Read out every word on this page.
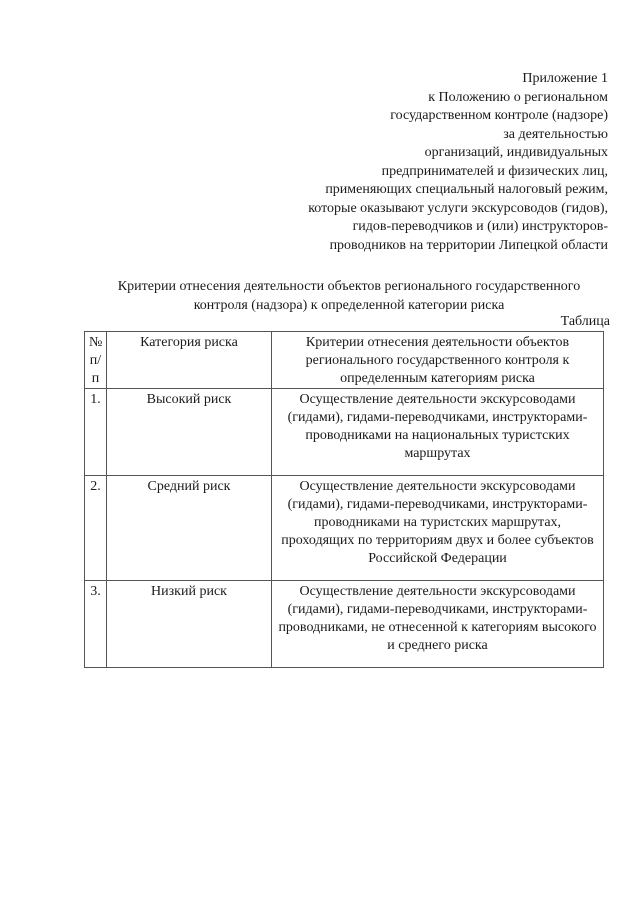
Приложение 1
к Положению о региональном
государственном контроле (надзоре)
за деятельностью
организаций, индивидуальных
предпринимателей и физических лиц,
применяющих специальный налоговый режим,
которые оказывают услуги экскурсоводов (гидов),
гидов-переводчиков и (или) инструкторов-
проводников на территории Липецкой области
Критерии отнесения деятельности объектов регионального государственного
контроля (надзора) к определенной категории риска
Таблица
№ п/п	Категория риска	Критерии отнесения деятельности объектов регионального государственного контроля к определенным категориям риска
1.	Высокий риск	Осуществление деятельности экскурсоводами (гидами), гидами-переводчиками, инструкторами-проводниками на национальных туристских маршрутах
2.	Средний риск	Осуществление деятельности экскурсоводами (гидами), гидами-переводчиками, инструкторами-проводниками на туристских маршрутах, проходящих по территориям двух и более субъектов Российской Федерации
3.	Низкий риск	Осуществление деятельности экскурсоводами (гидами), гидами-переводчиками, инструкторами-проводниками, не отнесенной к категориям высокого и среднего риска
